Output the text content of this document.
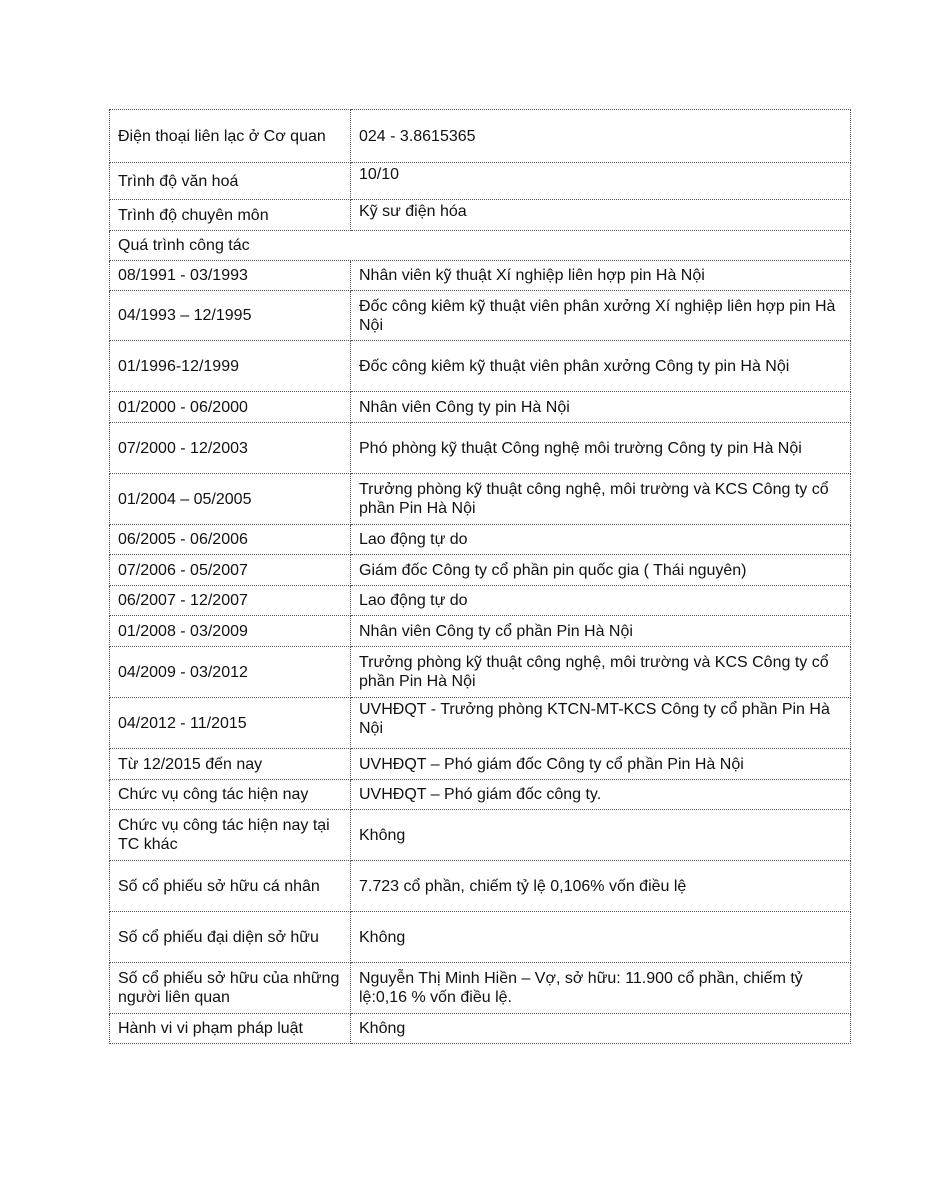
Điện thoại liên lạc ở Cơ quan	024 - 3.8615365
Trình độ văn hoá	10/10
Trình độ chuyên môn	Kỹ sư điện hóa
Quá trình công tác	
08/1991 - 03/1993	Nhân viên kỹ thuật Xí nghiệp liên hợp pin Hà Nội
04/1993 – 12/1995	Đốc công kiêm kỹ thuật viên phân xưởng Xí nghiệp liên hợp pin Hà Nội
01/1996-12/1999	Đốc công kiêm kỹ thuật viên phân xưởng Công ty pin Hà Nội
01/2000 - 06/2000	Nhân viên Công ty pin Hà Nội
07/2000 - 12/2003	Phó phòng kỹ thuật Công nghệ môi trường Công ty pin Hà Nội
01/2004 – 05/2005	Trưởng phòng kỹ thuật công nghệ, môi trường và KCS Công ty cổ phần Pin Hà Nội
06/2005 - 06/2006	Lao động tự do
07/2006 - 05/2007	Giám đốc Công ty cổ phần pin quốc gia ( Thái nguyên)
06/2007 - 12/2007	Lao động tự do
01/2008 - 03/2009	Nhân viên Công ty cổ phần Pin Hà Nội
04/2009 - 03/2012	Trưởng phòng kỹ thuật công nghệ, môi trường và KCS Công ty cổ phần Pin Hà Nội
04/2012 - 11/2015	UVHĐQT - Trưởng phòng KTCN-MT-KCS Công ty cổ phần Pin Hà Nội
Từ 12/2015 đến nay	UVHĐQT – Phó giám đốc Công ty cổ phần Pin Hà Nội
Chức vụ công tác hiện nay	UVHĐQT – Phó giám đốc công ty.
Chức vụ công tác hiện nay tại TC khác	Không
Số cổ phiếu sở hữu cá nhân	7.723 cổ phần, chiếm tỷ lệ 0,106% vốn điều lệ
Số cổ phiếu đại diện sở hữu	Không
Số cổ phiếu sở hữu của những người liên quan	Nguyễn Thị Minh Hiền – Vợ, sở hữu: 11.900 cổ phần, chiếm tỷ lệ:0,16 % vốn điều lệ.
Hành vi vi phạm pháp luật	Không
